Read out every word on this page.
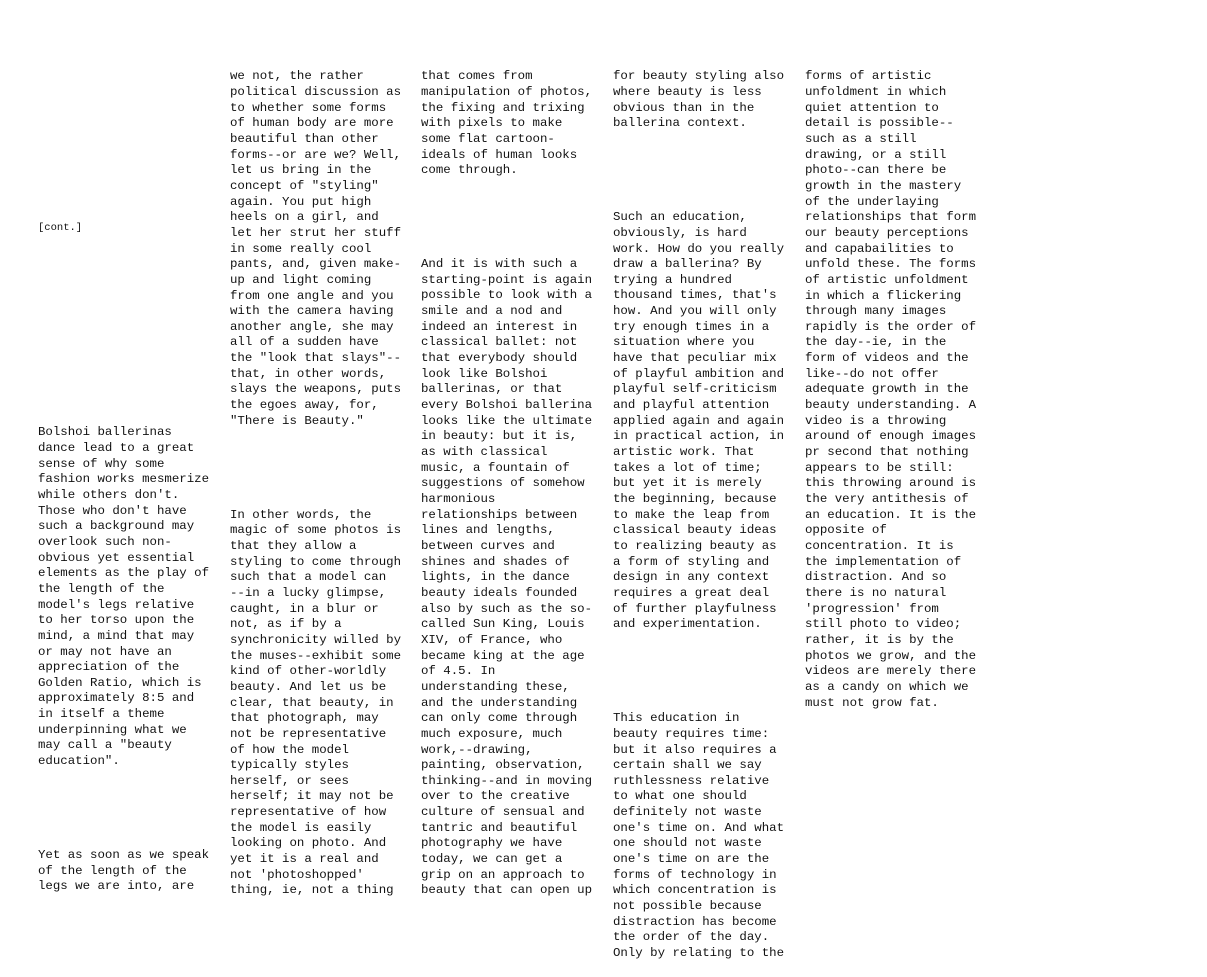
[cont.]

Bolshoi ballerinas
dance lead to a great
sense of why some
fashion works mesmerize
while others don't.
Those who don't have
such a background may
overlook such non-
obvious yet essential
elements as the play of
the length of the
model's legs relative
to her torso upon the
mind, a mind that may
or may not have an
appreciation of the
Golden Ratio, which is
approximately 8:5 and
in itself a theme
underpinning what we
may call a "beauty
education".

Yet as soon as we speak
of the length of the
legs we are into, are

we not, the rather
political discussion as
to whether some forms
of human body are more
beautiful than other
forms--or are we? Well,
let us bring in the
concept of "styling"
again. You put high
heels on a girl, and
let her strut her stuff
in some really cool
pants, and, given make-
up and light coming
from one angle and you
with the camera having
another angle, she may
all of a sudden have
the "look that slays"--
that, in other words,
slays the weapons, puts
the egoes away, for,
"There is Beauty."

In other words, the
magic of some photos is
that they allow a
styling to come through
such that a model can
--in a lucky glimpse,
caught, in a blur or
not, as if by a
synchronicity willed by
the muses--exhibit some
kind of other-worldly
beauty. And let us be
clear, that beauty, in
that photograph, may
not be representative
of how the model
typically styles
herself, or sees
herself; it may not be
representative of how
the model is easily
looking on photo. And
yet it is a real and
not 'photoshopped'
thing, ie, not a thing

that comes from
manipulation of photos,
the fixing and trixing
with pixels to make
some flat cartoon-
ideals of human looks
come through.

And it is with such a
starting-point is again
possible to look with a
smile and a nod and
indeed an interest in
classical ballet: not
that everybody should
look like Bolshoi
ballerinas, or that
every Bolshoi ballerina
looks like the ultimate
in beauty: but it is,
as with classical
music, a fountain of
suggestions of somehow
harmonious
relationships between
lines and lengths,
between curves and
shines and shades of
lights, in the dance
beauty ideals founded
also by such as the so-
called Sun King, Louis
XIV, of France, who
became king at the age
of 4.5. In
understanding these,
and the understanding
can only come through
much exposure, much
work,--drawing,
painting, observation,
thinking--and in moving
over to the creative
culture of sensual and
tantric and beautiful
photography we have
today, we can get a
grip on an approach to
beauty that can open up

for beauty styling also
where beauty is less
obvious than in the
ballerina context.

Such an education,
obviously, is hard
work. How do you really
draw a ballerina? By
trying a hundred
thousand times, that's
how. And you will only
try enough times in a
situation where you
have that peculiar mix
of playful ambition and
playful self-criticism
and playful attention
applied again and again
in practical action, in
artistic work. That
takes a lot of time;
but yet it is merely
the beginning, because
to make the leap from
classical beauty ideas
to realizing beauty as
a form of styling and
design in any context
requires a great deal
of further playfulness
and experimentation.

This education in
beauty requires time:
but it also requires a
certain shall we say
ruthlessness relative
to what one should
definitely not waste
one's time on. And what
one should not waste
one's time on are the
forms of technology in
which concentration is
not possible because
distraction has become
the order of the day.
Only by relating to the

forms of artistic
unfoldment in which
quiet attention to
detail is possible--
such as a still
drawing, or a still
photo--can there be
growth in the mastery
of the underlaying
relationships that form
our beauty perceptions
and capabailities to
unfold these. The forms
of artistic unfoldment
in which a flickering
through many images
rapidly is the order of
the day--ie, in the
form of videos and the
like--do not offer
adequate growth in the
beauty understanding. A
video is a throwing
around of enough images
pr second that nothing
appears to be still:
this throwing around is
the very antithesis of
an education. It is the
opposite of
concentration. It is
the implementation of
distraction. And so
there is no natural
'progression' from
still photo to video;
rather, it is by the
photos we grow, and the
videos are merely there
as a candy on which we
must not grow fat.
